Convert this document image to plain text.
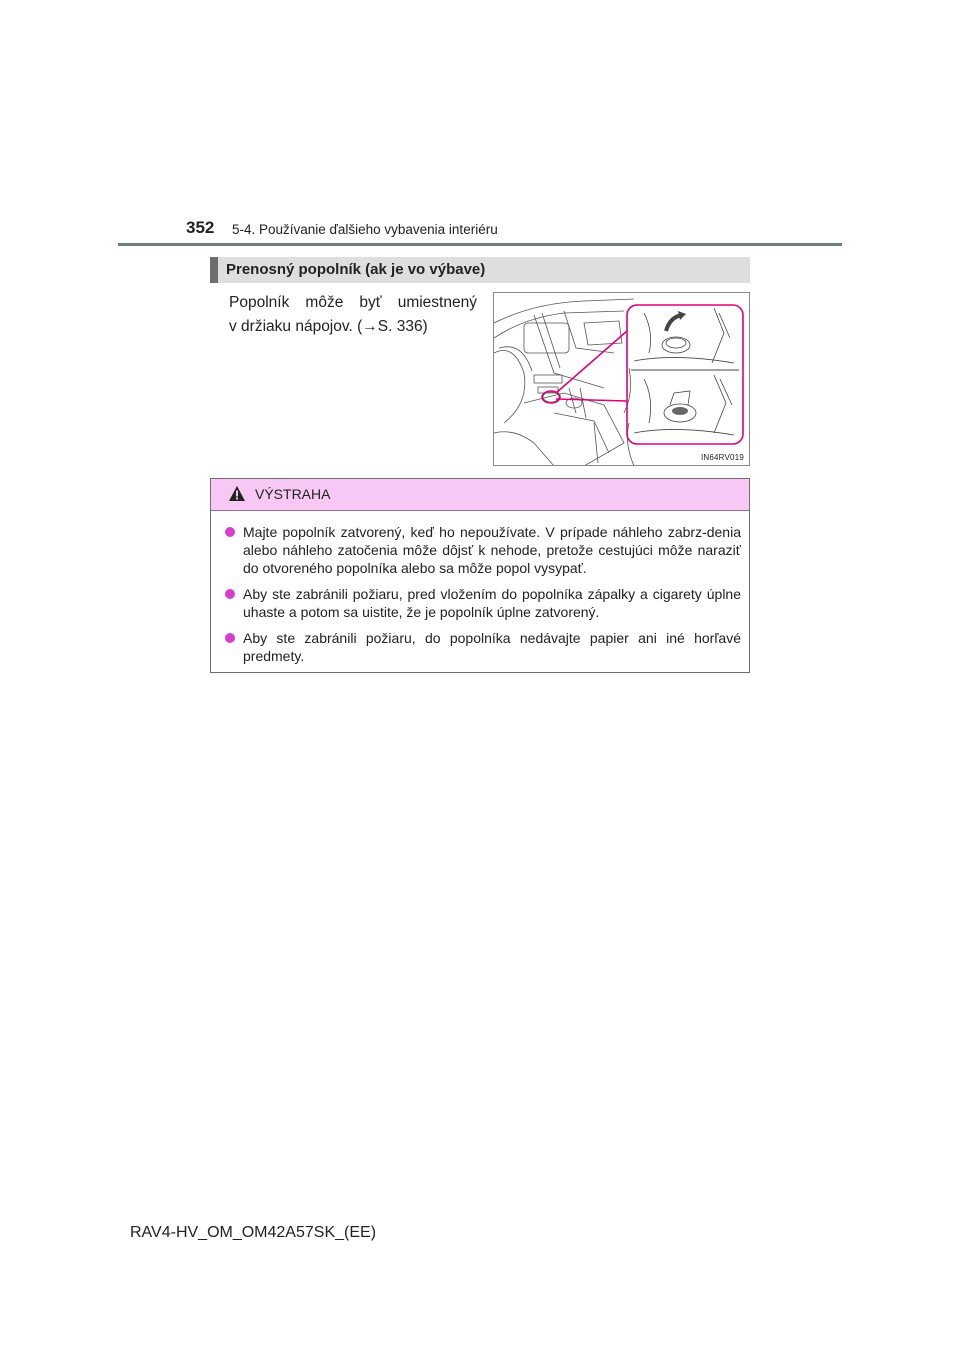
352 5-4. Používanie ďalšieho vybavenia interiéru
Prenosný popolník (ak je vo výbave)
Popolník môže byť umiestnený
v držiaku nápojov. (→S. 336)
IN64RV019
VÝSTRAHA
Majte popolník zatvorený, keď ho nepoužívate. V prípade náhleho zabrz-denia alebo náhleho zatočenia môže dôjsť k nehode, pretože cestujúci môže naraziť do otvoreného popolníka alebo sa môže popol vysypať.
Aby ste zabránili požiaru, pred vložením do popolníka zápalky a cigarety úplne uhaste a potom sa uistite, že je popolník úplne zatvorený.
Aby ste zabránili požiaru, do popolníka nedávajte papier ani iné horľavé predmety.
RAV4-HV_OM_OM42A57SK_(EE)
